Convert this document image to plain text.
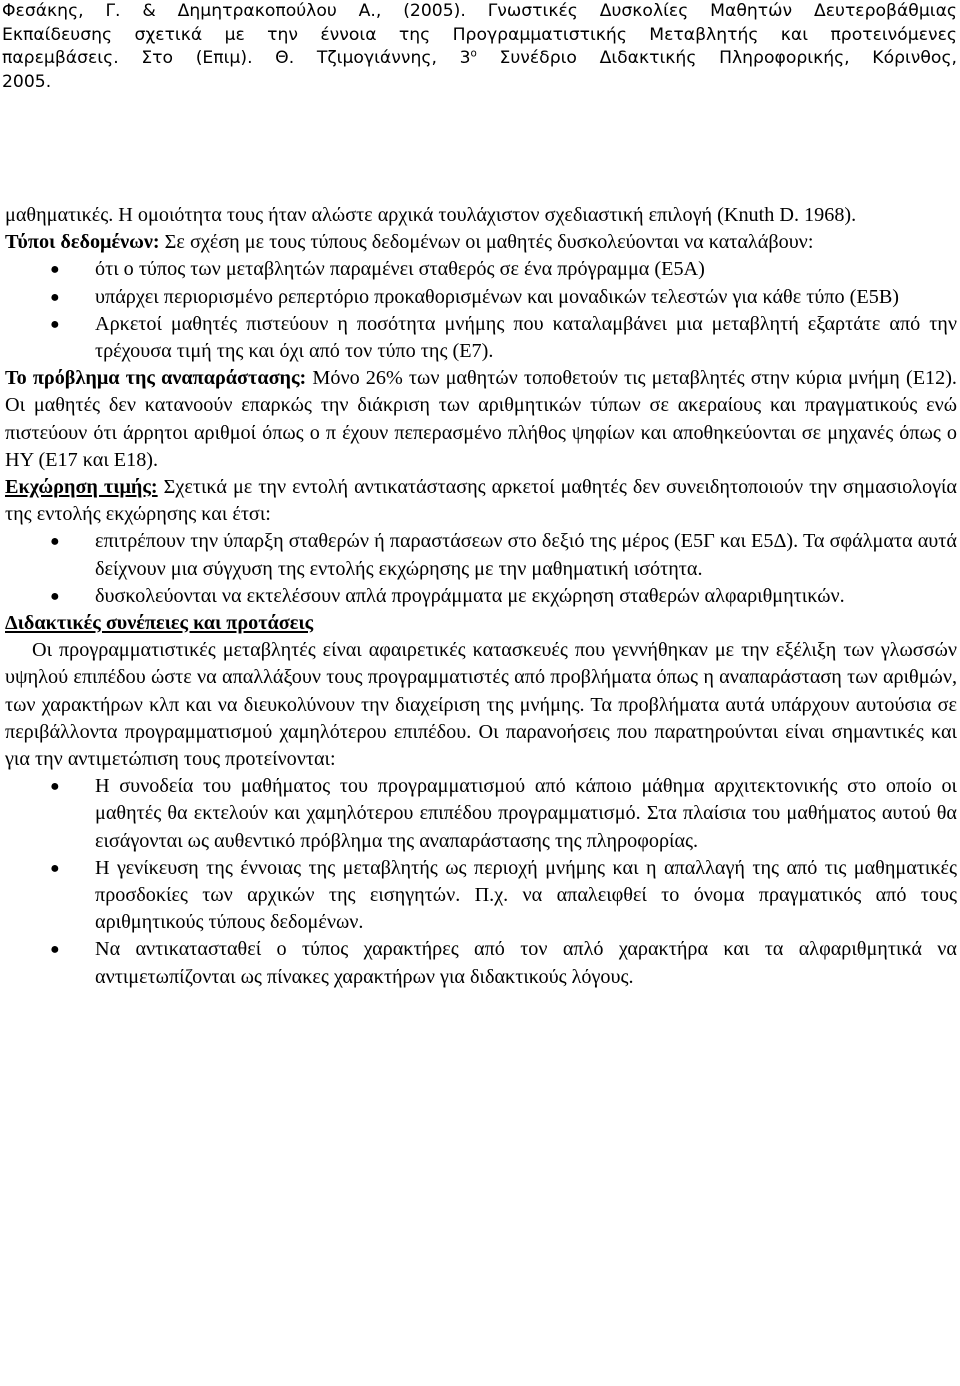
Φεσάκης, Γ. & Δημητρακοπούλου Α., (2005). Γνωστικές Δυσκολίες Μαθητών Δευτεροβάθμιας
Εκπαίδευσης σχετικά με την έννοια της Προγραμματιστικής Μεταβλητής και προτεινόμενες
παρεμβάσεις. Στο (Επιμ). Θ. Τζιμογιάννης, $3^o$ Συνέδριο Διδακτικής Πληροφορικής, Κόρινθος,
2005.

μαθηματικές. Η ομοιότητα τους ήταν αλώστε αρχικά τουλάχιστον σχεδιαστική επιλογή (Knuth D. 1968).

Τύποι δεδομένων: Σε σχέση με τους τύπους δεδομένων οι μαθητές δυσκολεύονται να καταλάβουν:

● ότι ο τύπος των μεταβλητών παραμένει σταθερός σε ένα πρόγραμμα (Ε5Α)
● υπάρχει περιορισμένο ρεπερτόριο προκαθορισμένων και μοναδικών τελεστών για κάθε τύπο (Ε5Β)
● Αρκετοί μαθητές πιστεύουν η ποσότητα μνήμης που καταλαμβάνει μια μεταβλητή εξαρτάτε από την τρέχουσα τιμή της και όχι από τον τύπο της (Ε7).

Το πρόβλημα της αναπαράστασης: Μόνο 26% των μαθητών τοποθετούν τις μεταβλητές στην κύρια μνήμη (Ε12). Οι μαθητές δεν κατανοούν επαρκώς την διάκριση των αριθμητικών τύπων σε ακεραίους και πραγματικούς ενώ πιστεύουν ότι άρρητοι αριθμοί όπως ο π έχουν πεπερασμένο πλήθος ψηφίων και αποθηκεύονται σε μηχανές όπως ο ΗΥ (Ε17 και Ε18).

Εκχώρηση τιμής: Σχετικά με την εντολή αντικατάστασης αρκετοί μαθητές δεν συνειδητοποιούν την σημασιολογία της εντολής εκχώρησης και έτσι:

● επιτρέπουν την ύπαρξη σταθερών ή παραστάσεων στο δεξιό της μέρος (Ε5Γ και Ε5Δ). Τα σφάλματα αυτά δείχνουν μια σύγχυση της εντολής εκχώρησης με την μαθηματική ισότητα.
● δυσκολεύονται να εκτελέσουν απλά προγράμματα με εκχώρηση σταθερών αλφαριθμητικών.

Διδακτικές συνέπειες και προτάσεις

Οι προγραμματιστικές μεταβλητές είναι αφαιρετικές κατασκευές που γεννήθηκαν με την εξέλιξη των γλωσσών υψηλού επιπέδου ώστε να απαλλάξουν τους προγραμματιστές από προβλήματα όπως η αναπαράσταση των αριθμών, των χαρακτήρων κλπ και να διευκολύνουν την διαχείριση της μνήμης. Τα προβλήματα αυτά υπάρχουν αυτούσια σε περιβάλλοντα προγραμματισμού χαμηλότερου επιπέδου. Οι παρανοήσεις που παρατηρούνται είναι σημαντικές και για την αντιμετώπιση τους προτείνονται:

● Η συνοδεία του μαθήματος του προγραμματισμού από κάποιο μάθημα αρχιτεκτονικής στο οποίο οι μαθητές θα εκτελούν και χαμηλότερου επιπέδου προγραμματισμό. Στα πλαίσια του μαθήματος αυτού θα εισάγονται ως αυθεντικό πρόβλημα της αναπαράστασης της πληροφορίας.
● Η γενίκευση της έννοιας της μεταβλητής ως περιοχή μνήμης και η απαλλαγή της από τις μαθηματικές προσδοκίες των αρχικών της εισηγητών. Π.χ. να απαλειφθεί το όνομα πραγματικός από τους αριθμητικούς τύπους δεδομένων.
● Να αντικατασταθεί ο τύπος χαρακτήρες από τον απλό χαρακτήρα και τα αλφαριθμητικά να αντιμετωπίζονται ως πίνακες χαρακτήρων για διδακτικούς λόγους.
